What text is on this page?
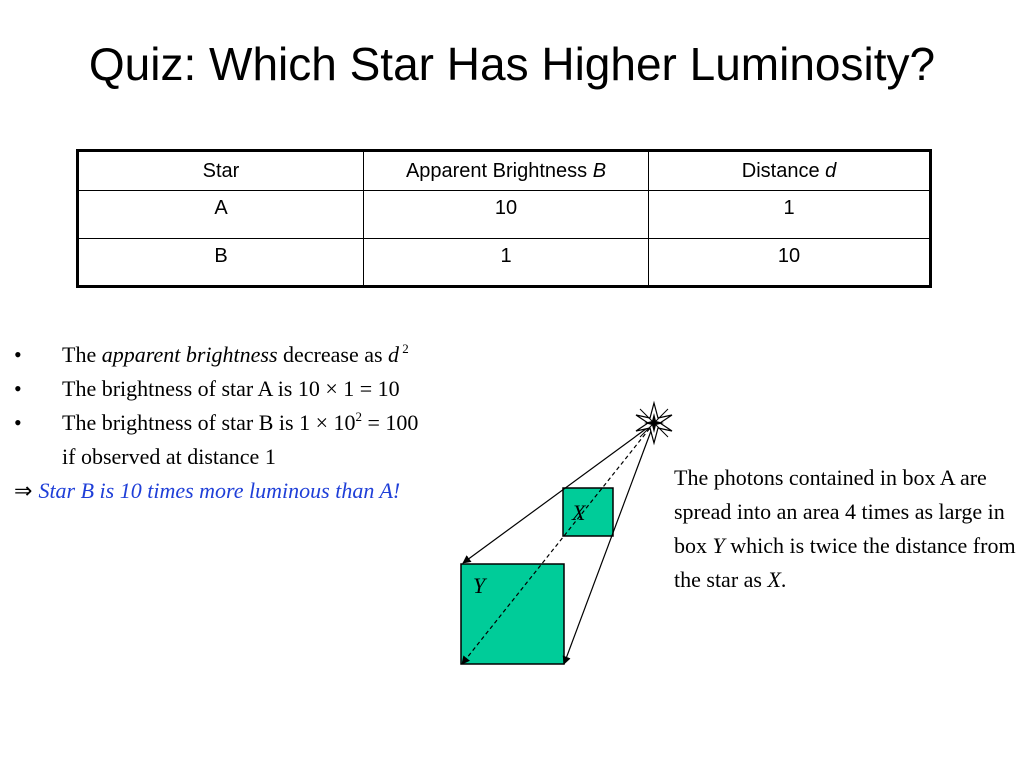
Quiz: Which Star Has Higher Luminosity?
Star	Apparent Brightness B	Distance d
A	10	1
B	1	10
• The apparent brightness decrease as d $^2$
• The brightness of star A is 10 × 1 = 10
• The brightness of star B is $1 \times 10^2 = 100$
if observed at distance 1
⇒ Star B is 10 times more luminous than A!
X
Y
The photons contained in box A are spread into an area 4 times as large in box Y which is twice the distance from the star as X.
